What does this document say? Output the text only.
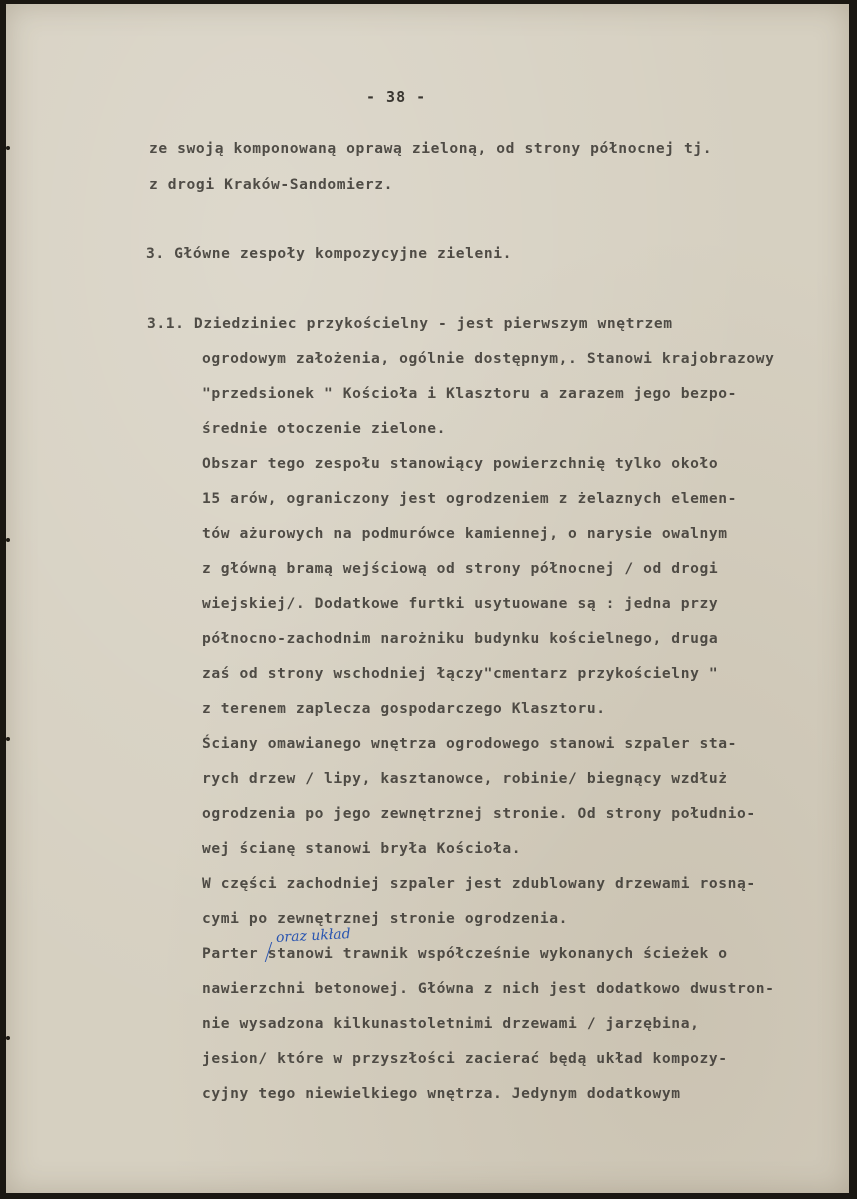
- 38 -
ze swoją komponowaną oprawą zieloną, od strony północnej tj.
z drogi Kraków-Sandomierz.
3. Główne zespoły kompozycyjne zieleni.
3.1. Dziedziniec przykościelny - jest pierwszym wnętrzem
ogrodowym założenia, ogólnie dostępnym,. Stanowi krajobrazowy
"przedsionek " Kościoła i Klasztoru a zarazem jego bezpo-
średnie otoczenie zielone.
Obszar tego zespołu stanowiący powierzchnię tylko około
15 arów, ograniczony jest ogrodzeniem z żelaznych elemen-
tów ażurowych na podmurówce kamiennej, o narysie owalnym
z główną bramą wejściową od strony północnej / od drogi
wiejskiej/. Dodatkowe furtki usytuowane są : jedna przy
północno-zachodnim narożniku budynku kościelnego, druga
zaś od strony wschodniej łączy"cmentarz przykościelny "
z terenem zaplecza gospodarczego Klasztoru.
Ściany omawianego wnętrza ogrodowego stanowi szpaler sta-
rych drzew / lipy, kasztanowce, robinie/ biegnący wzdłuż
ogrodzenia po jego zewnętrznej stronie. Od strony południo-
wej ścianę stanowi bryła Kościoła.
W części zachodniej szpaler jest zdublowany drzewami rosną-
cymi po zewnętrznej stronie ogrodzenia.
oraz układ
Parter stanowi trawnik współcześnie wykonanych ścieżek o
nawierzchni betonowej. Główna z nich jest dodatkowo dwustron-
nie wysadzona kilkunastoletnimi drzewami / jarzębina,
jesion/ które w przyszłości zacierać będą układ kompozy-
cyjny tego niewielkiego wnętrza. Jedynym dodatkowym
